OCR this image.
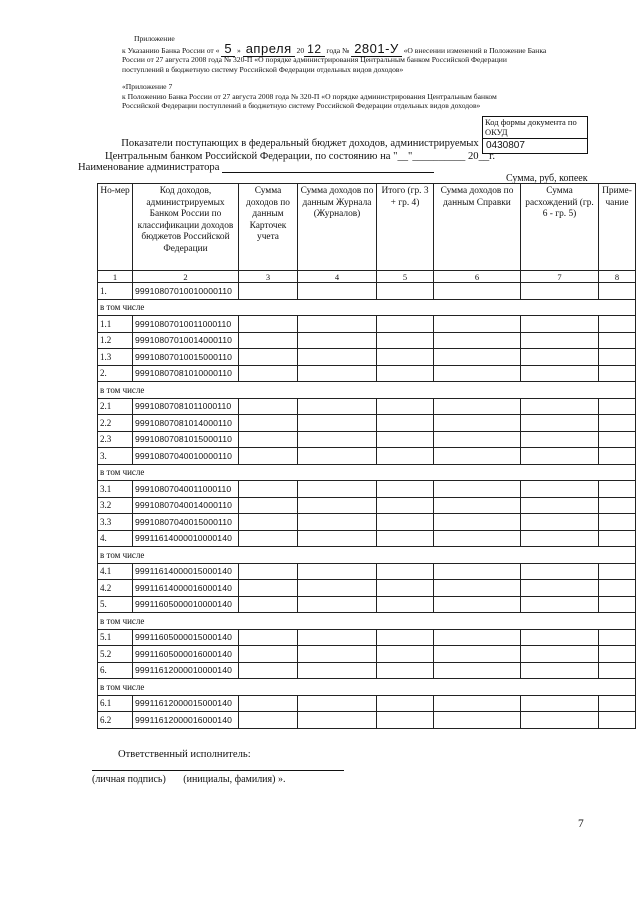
Приложение
к Указанию Банка России от « 5 » апреля 20 12 года № 2801-У «О внесении изменений в Положение Банка
России от 27 августа 2008 года № 320-П «О порядке администрирования Центральным банком Российской Федерации
поступлений в бюджетную систему Российской Федерации отдельных видов доходов»
«Приложение 7
к Положению Банка России от 27 августа 2008 года № 320-П «О порядке администрирования Центральным банком
Российской Федерации поступлений в бюджетную систему Российской Федерации отдельных видов доходов»
Код формы документа по ОКУД
0430807
Показатели поступающих в федеральный бюджет доходов, администрируемых
Центральным банком Российской Федерации, по состоянию на "__"__________ 20__г.
Наименование администратора
Сумма, руб, копеек
Но-мер	Код доходов, администрируемых Банком России по классификации доходов бюджетов Российской Федерации	Сумма доходов по данным Карточек учета	Сумма доходов по данным Журнала (Журналов)	Итого (гр. 3 + гр. 4)	Сумма доходов по данным Справки	Сумма расхождений (гр. 6 - гр. 5)	Приме-чание
1	2	3	4	5	6	7	8
1.	99910807010010000110						
в том числе							
1.1	99910807010011000110						
1.2	99910807010014000110						
1.3	99910807010015000110						
2.	99910807081010000110						
в том числе							
2.1	99910807081011000110						
2.2	99910807081014000110						
2.3	99910807081015000110						
3.	99910807040010000110						
в том числе							
3.1	99910807040011000110						
3.2	99910807040014000110						
3.3	99910807040015000110						
4.	99911614000010000140						
в том числе							
4.1	99911614000015000140						
4.2	99911614000016000140						
5.	99911605000010000140						
в том числе							
5.1	99911605000015000140						
5.2	99911605000016000140						
6.	99911612000010000140						
в том числе							
6.1	99911612000015000140						
6.2	99911612000016000140						
Ответственный исполнитель:
(личная подпись)       (инициалы, фамилия) ».
7
